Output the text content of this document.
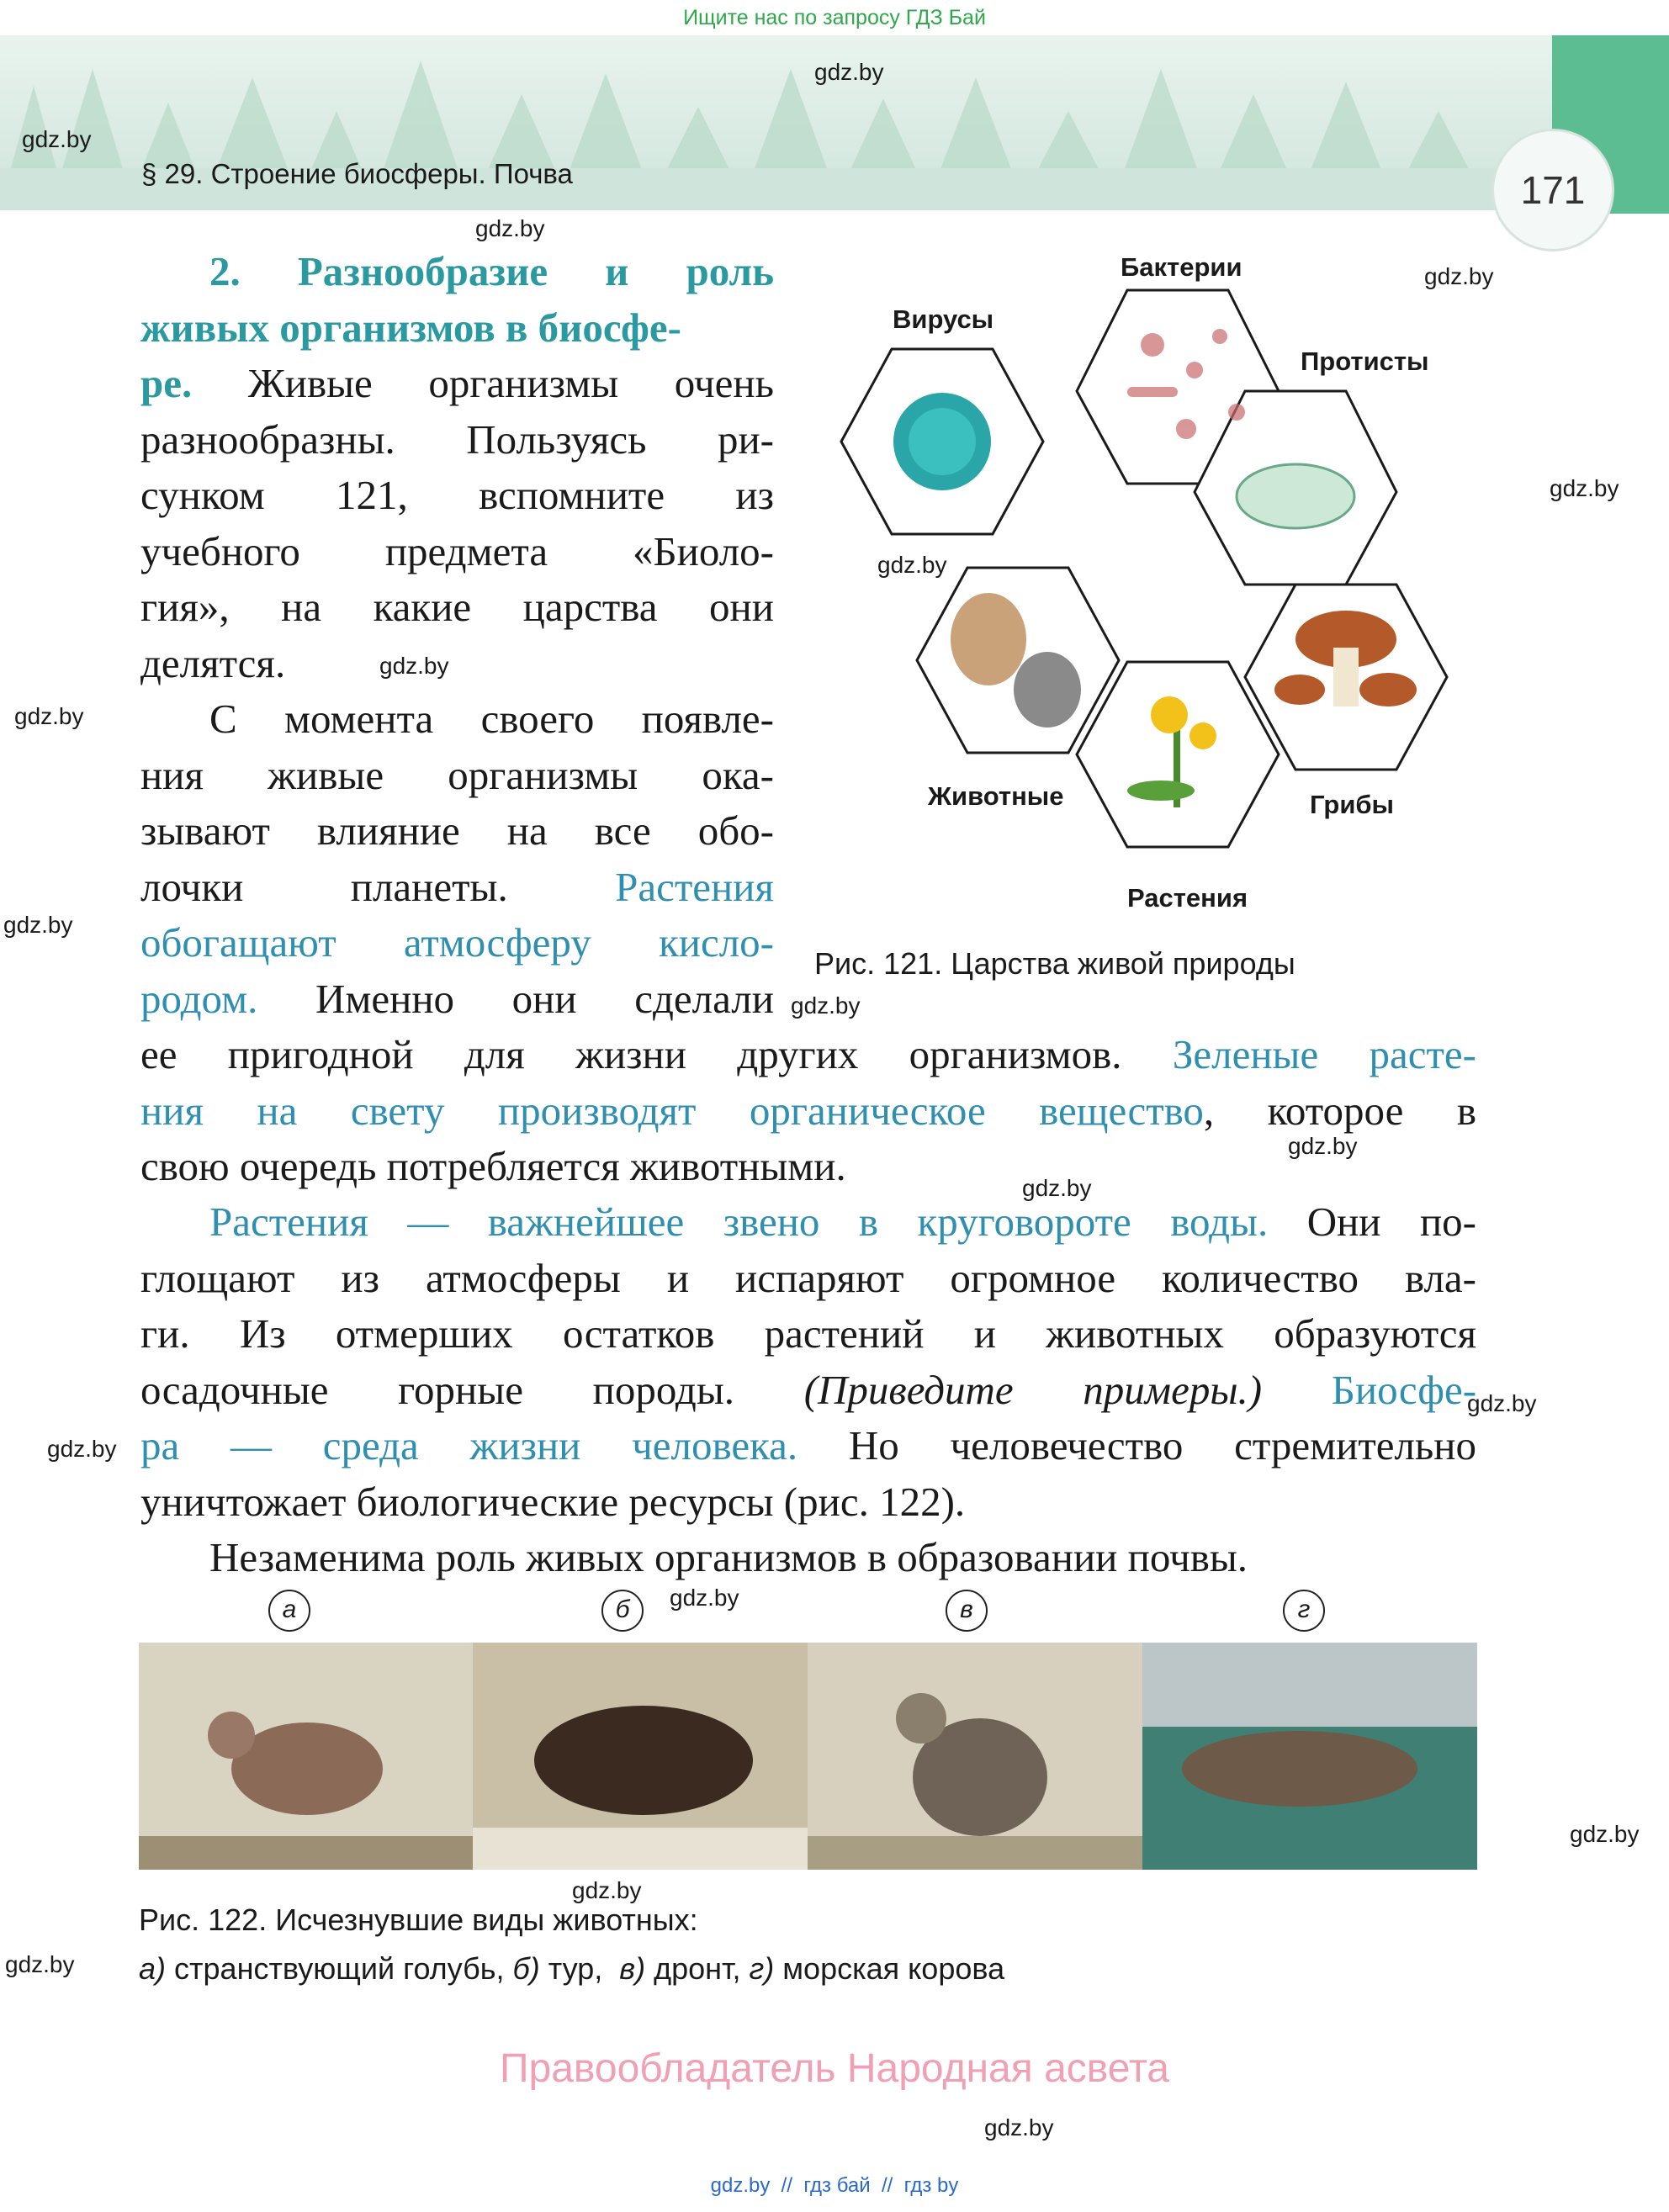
Ищите нас по запросу ГДЗ Бай
§ 29. Строение биосферы. Почва	171
gdz.by
gdz.by
gdz.by
gdz.by
gdz.by
gdz.by
gdz.by
gdz.by
gdz.by
gdz.by
gdz.by
gdz.by
gdz.by
gdz.by
gdz.by
gdz.by
gdz.by
gdz.by
gdz.by

2. Разнообразие и роль

живых организмов в биосфе-

ре. Живые организмы очень

разнообразны. Пользуясь ри-

сунком 121, вспомните из

учебного предмета «Биоло-

гия», на какие царства они

делятся.

С момента своего появле-

ния живые организмы ока-

зывают влияние на все обо-

лочки планеты.	Растения

обогащают атмосферу кисло-

родом. Именно они сделали

ее пригодной для жизни других организмов. Зеленые расте-

ния на свету производят органическое вещество, которое в

свою очередь потребляется животными.

Растения — важнейшее звено в круговороте воды. Они по-

глощают из атмосферы и испаряют огромное количество вла-

ги. Из отмерших остатков растений и животных образуются

осадочные горные породы. (Приведите примеры.) Биосфе-

ра — среда жизни человека. Но человечество стремительно

уничтожает биологические ресурсы (рис. 122).

Незаменима роль живых организмов в образовании почвы.

Вирусы
Бактерии
Протисты
Животные	Грибы
Растения
Рис. 121. Царства живой природы
а	б	в	г
Рис. 122. Исчезнувшие виды животных:
а) странствующий голубь, б) тур, в) дронт, г) морская корова
Правообладатель Народная асвета
gdz.by  //  гдз бай  //  гдз by
